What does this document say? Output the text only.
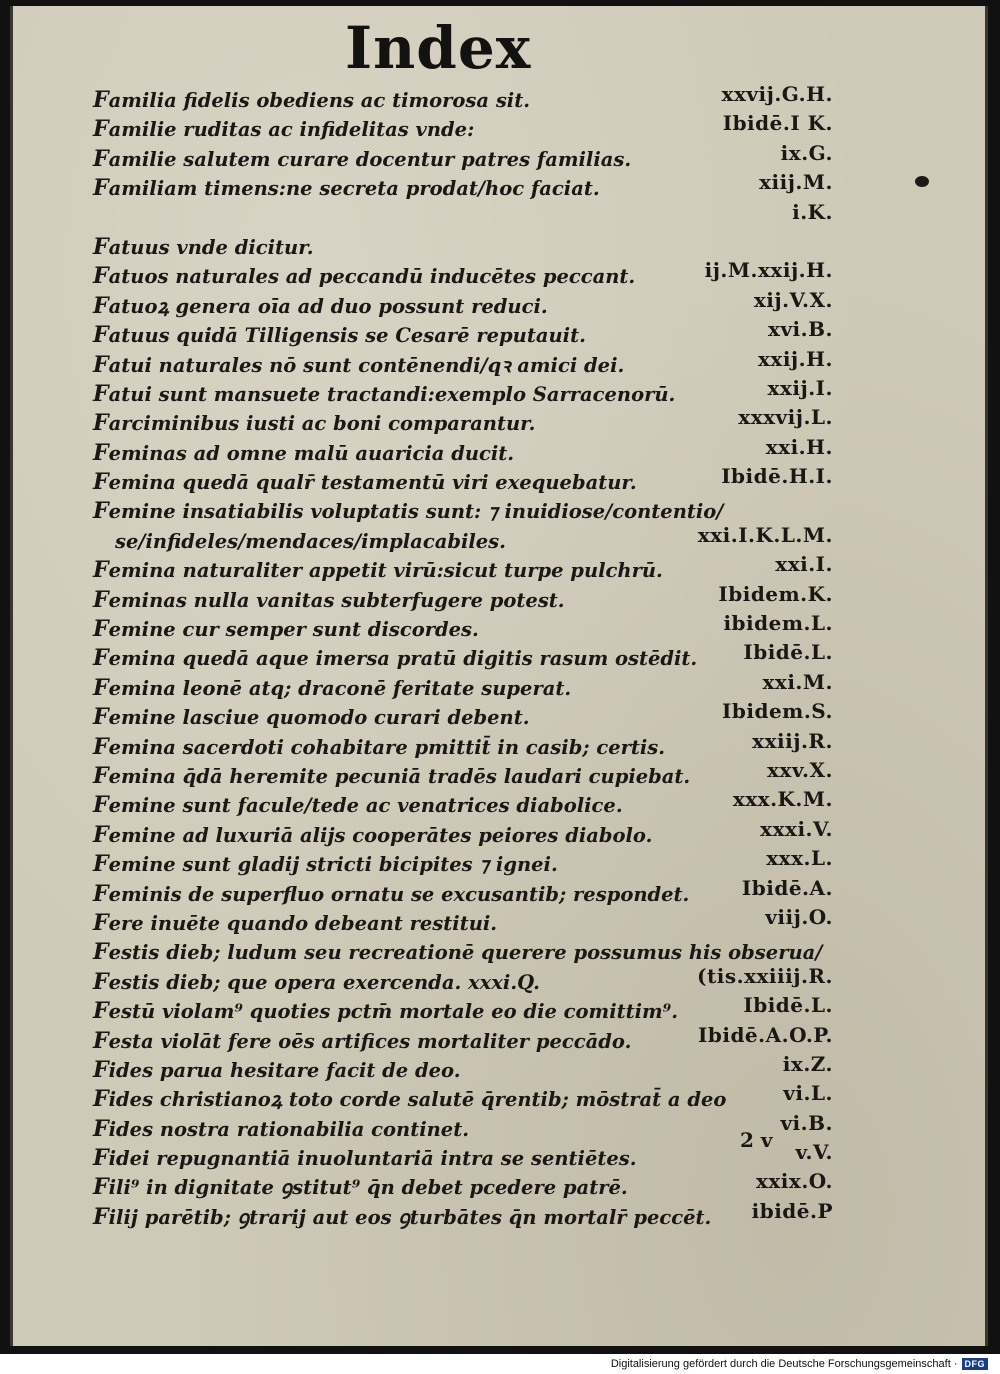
Index
Familia fidelis obediens ac timorosa sit.	xxvij.G.H.
Familie ruditas ac infidelitas vnde:	Ibidē.I K.
Familie salutem curare docentur patres familias.	ix.G.
Familiam timens:ne secreta prodat/hoc faciat.	xiij.M.
i.K.
Fatuus vnde dicitur.
Fatuos naturales ad peccandū inducētes peccant.	ij.M.xxij.H.
Fatuoꝝ genera oīa ad duo possunt reduci.	xij.V.X.
Fatuus quidā Tilligensis se Cesarē reputauit.	xvi.B.
Fatui naturales nō sunt contēnendi/qꝛ amici dei.	xxij.H.
Fatui sunt mansuete tractandi:exemplo Sarracenorū.	xxij.I.
Farciminibus iusti ac boni comparantur.	xxxvij.L.
Feminas ad omne malū auaricia ducit.	xxi.H.
Femina quedā qualr̄ testamentū viri exequebatur.	Ibidē.H.I.
Femine insatiabilis voluptatis sunt: ⁊ inuidiose/contentio/
se/infideles/mendaces/implacabiles.	xxi.I.K.L.M.
Femina naturaliter appetit virū:sicut turpe pulchrū.	xxi.I.
Feminas nulla vanitas subterfugere potest.	Ibidem.K.
Femine cur semper sunt discordes.	ibidem.L.
Femina quedā aque imersa pratū digitis rasum ostēdit. Ibidē.L.
Femina leonē atq; draconē feritate superat.	xxi.M.
Femine lasciue quomodo curari debent.	Ibidem.S.
Femina sacerdoti cohabitare pmittit̄ in casib; certis.	xxiij.R.
Femina q̄dā heremite pecuniā tradēs laudari cupiebat.	xxv.X.
Femine sunt facule/tede ac venatrices diabolice.	xxx.K.M.
Femine ad luxuriā alijs cooperātes peiores diabolo.	xxxi.V.
Femine sunt gladij stricti bicipites ⁊ ignei.	xxx.L.
Feminis de superfluo ornatu se excusantib; respondet.	Ibidē.A.
Fere inuēte quando debeant restitui.	viij.O.
Festis dieb; ludum seu recreationē querere possumus his obserua/
Festis dieb; que opera exercenda. xxxi.Q.	(tis.xxiiij.R.
Festū violam⁹ quoties pctm̄ mortale eo die comittim⁹.	Ibidē.L.
Festa violāt fere oēs artifices mortaliter peccādo.	Ibidē.A.O.P.
Fides parua hesitare facit de deo.	ix.Z.
Fides christianoꝝ toto corde salutē q̄rentib; mōstrat̄ a deo	vi.L.
Fides nostra rationabilia continet.	vi.B.
Fidei repugnantiā inuoluntariā intra se sentiētes.	v.V.
Fili⁹ in dignitate ꝯstitut⁹ q̄n debet pcedere patrē.	xxix.O.
Filij parētib; ꝯtrarij aut eos ꝯturbātes q̄n mortalr̄ peccēt. ibidē.P
2 v
Digitalisierung gefördert durch die Deutsche Forschungsgemeinschaft · DFG
